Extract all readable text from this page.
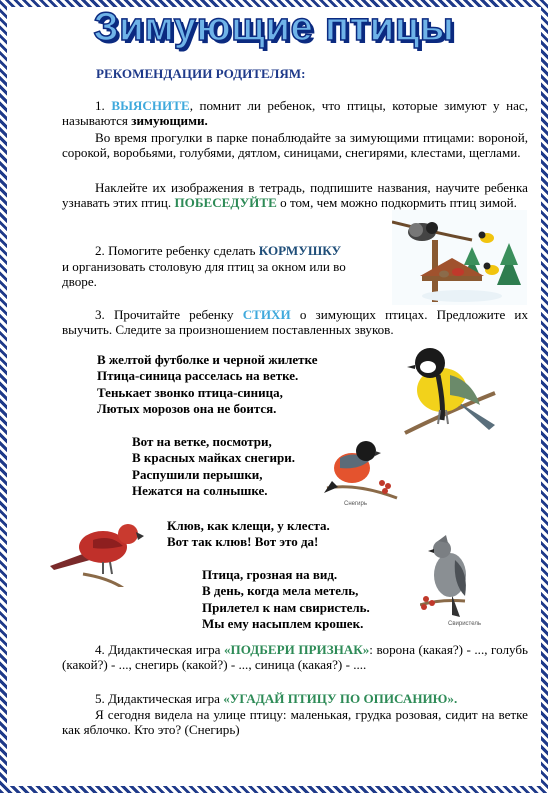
Зимующие птицы
РЕКОМЕНДАЦИИ РОДИТЕЛЯМ:
1. ВЫЯСНИТЕ, помнит ли ребенок, что птицы, которые зимуют у нас, называются зимующими.
Во время прогулки в парке понаблюдайте за зимующими птицами: вороной, сорокой, воробьями, голубями, дятлом, синицами, снегирями, клестами, щеглами.
Наклейте их изображения в тетрадь, подпишите названия, научите ребенка узнавать этих птиц. ПОБЕСЕДУЙТЕ о том, чем можно подкормить птиц зимой.
2. Помогите ребенку сделать КОРМУШКУ
и организовать столовую для птиц за окном или во дворе.
3. Прочитайте ребенку СТИХИ о зимующих птицах. Предложите их выучить. Следите за произношением поставленных звуков.
В желтой футболке и черной жилетке
Птица-синица расселась на ветке.
Тенькает звонко птица-синица,
Лютых морозов она не боится.
Вот на ветке, посмотри,
В красных майках снегири.
Распушили перышки,
Нежатся на солнышке.
Снегирь
Клюв, как клещи, у клеста.
Вот так клюв! Вот это да!
Птица, грозная на вид.
В день, когда мела метель,
Прилетел к нам свиристель.
Мы ему насыплем крошек.	Свиристель
4. Дидактическая игра «ПОДБЕРИ ПРИЗНАК»: ворона (какая?) - ..., голубь (какой?) - ..., снегирь (какой?) - ..., синица (какая?) - ....
5. Дидактическая игра «УГАДАЙ ПТИЦУ ПО ОПИСАНИЮ».
Я сегодня видела на улице птицу: маленькая, грудка розовая, сидит на ветке как яблочко. Кто это? (Снегирь)
